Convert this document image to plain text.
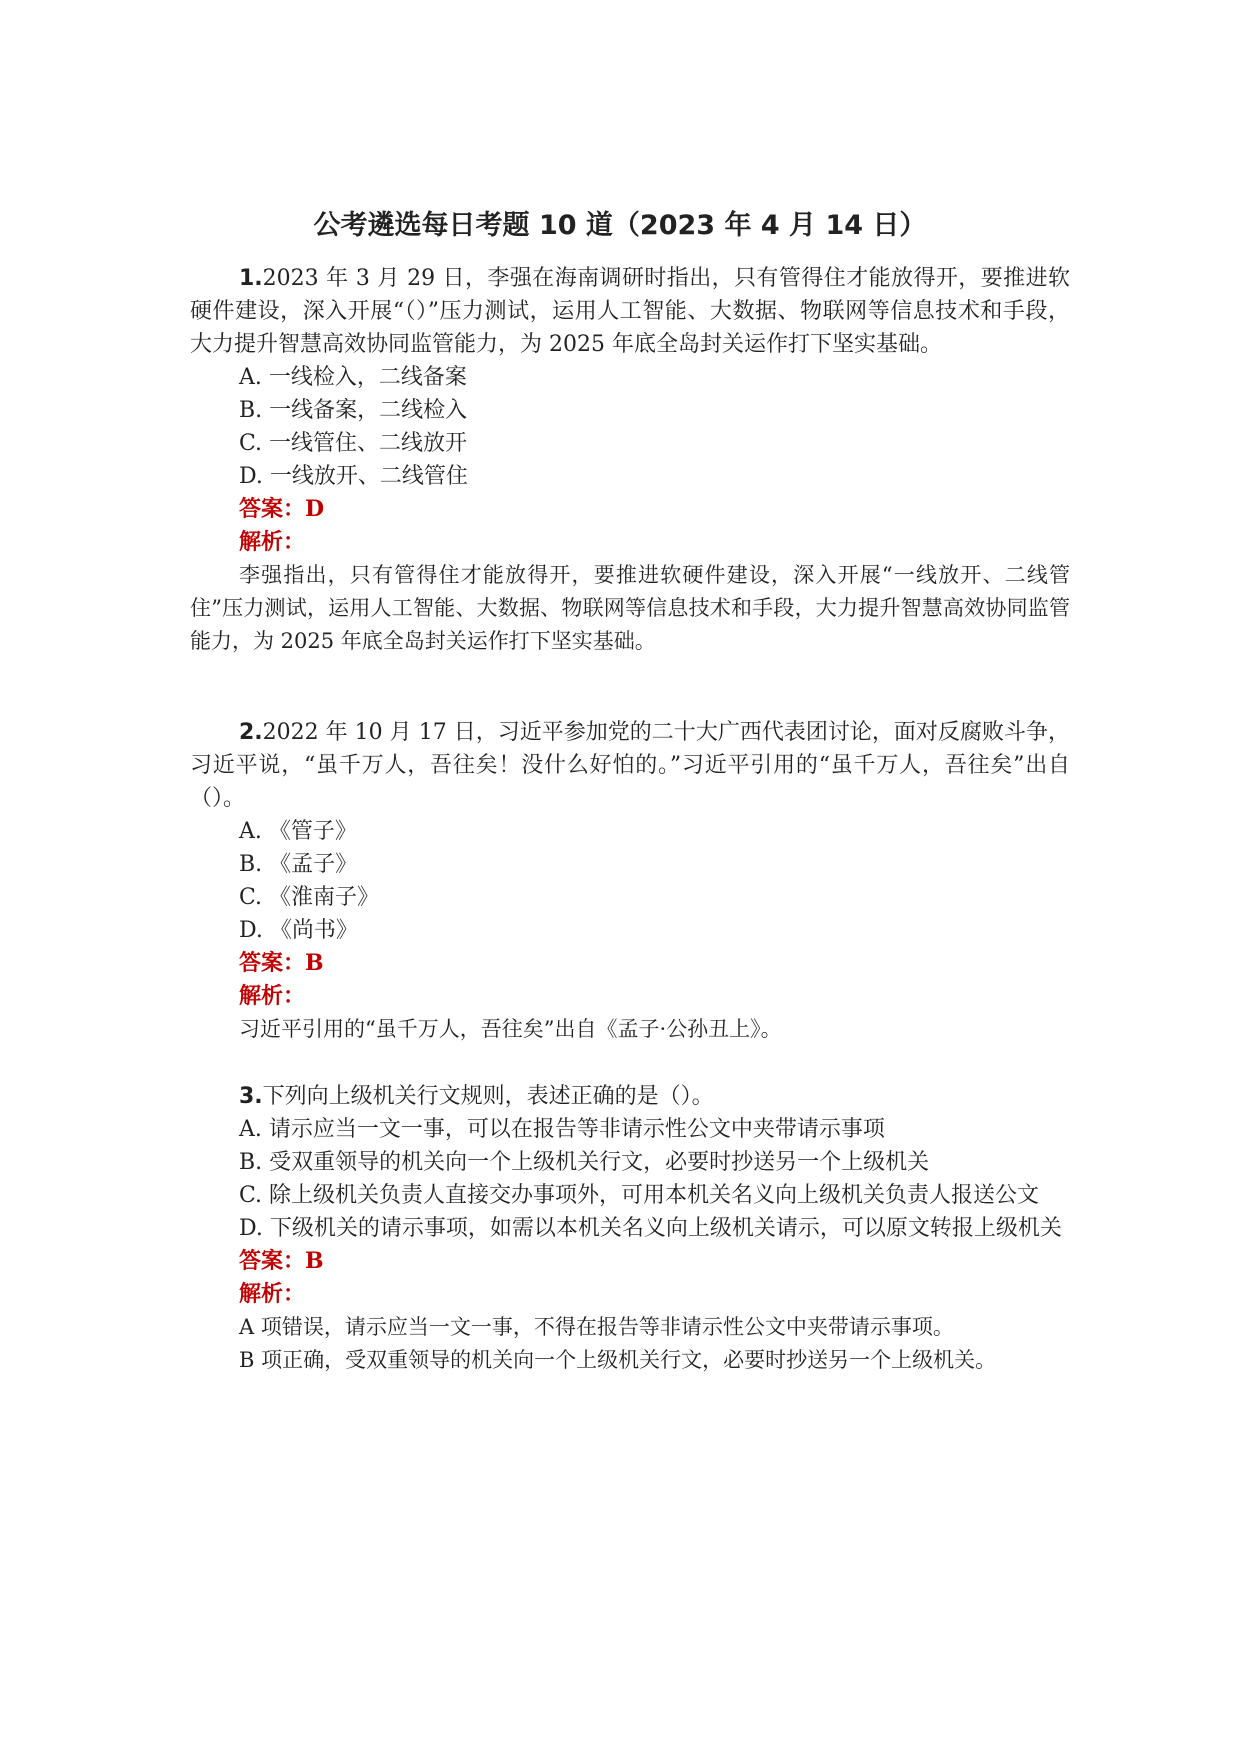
公考遴选每日考题 10 道（2023 年 4 月 14 日）

1.2023 年 3 月 29 日，李强在海南调研时指出，只有管得住才能放得开，要推进软硬件建设，深入开展“（）”压力测试，运用人工智能、大数据、物联网等信息技术和手段，大力提升智慧高效协同监管能力，为 2025 年底全岛封关运作打下坚实基础。

A. 一线检入，二线备案

B. 一线备案，二线检入

C. 一线管住、二线放开

D. 一线放开、二线管住

答案：D

解析：

李强指出，只有管得住才能放得开，要推进软硬件建设，深入开展“一线放开、二线管住”压力测试，运用人工智能、大数据、物联网等信息技术和手段，大力提升智慧高效协同监管能力，为 2025 年底全岛封关运作打下坚实基础。

2.2022 年 10 月 17 日，习近平参加党的二十大广西代表团讨论，面对反腐败斗争，习近平说，“虽千万人，吾往矣！没什么好怕的。”习近平引用的“虽千万人，吾往矣”出自（）。

A. 《管子》

B. 《孟子》

C. 《淮南子》

D. 《尚书》

答案：B

解析：

习近平引用的“虽千万人，吾往矣”出自《孟子·公孙丑上》。

3.下列向上级机关行文规则，表述正确的是（）。

A. 请示应当一文一事，可以在报告等非请示性公文中夹带请示事项

B. 受双重领导的机关向一个上级机关行文，必要时抄送另一个上级机关

C. 除上级机关负责人直接交办事项外，可用本机关名义向上级机关负责人报送公文

D. 下级机关的请示事项，如需以本机关名义向上级机关请示，可以原文转报上级机关

答案：B

解析：

A 项错误，请示应当一文一事，不得在报告等非请示性公文中夹带请示事项。

B 项正确，受双重领导的机关向一个上级机关行文，必要时抄送另一个上级机关。
